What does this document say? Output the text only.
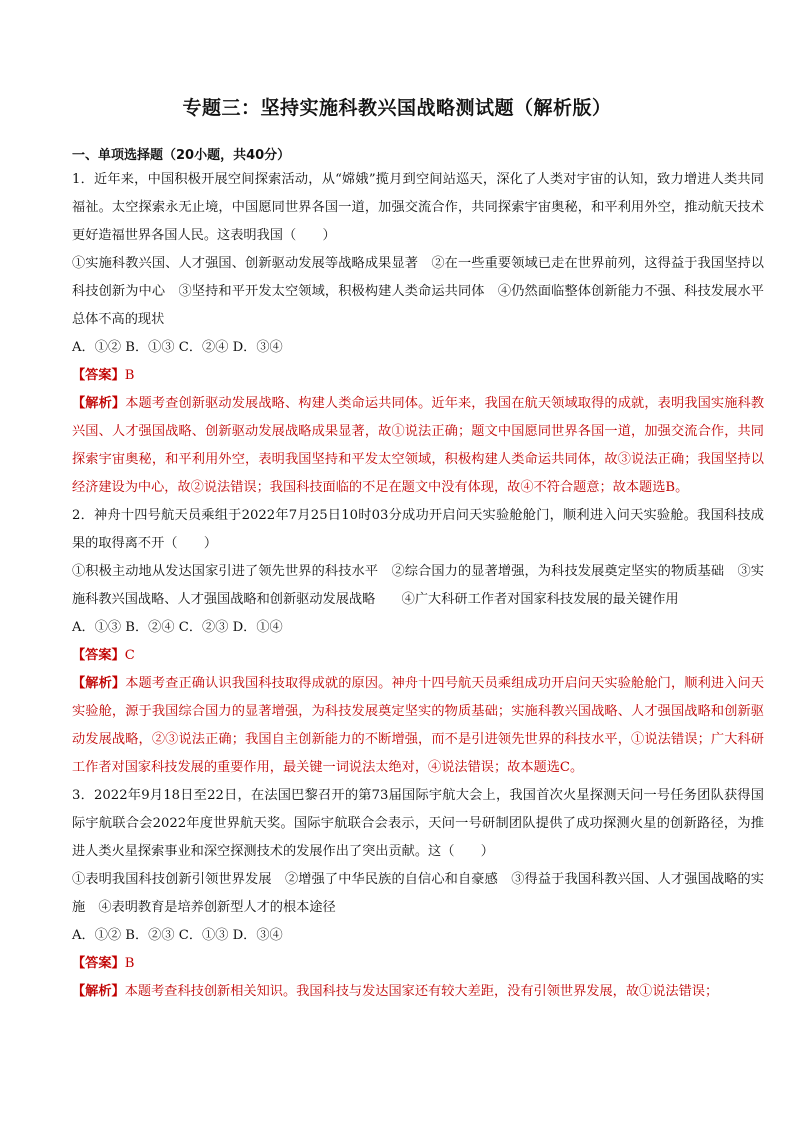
专题三：坚持实施科教兴国战略测试题（解析版）
一、单项选择题（20小题，共40分）

1．近年来，中国积极开展空间探索活动，从“嫦娥”揽月到空间站巡天，深化了人类对宇宙的认知，致力增进人类共同福祉。太空探索永无止境，中国愿同世界各国一道，加强交流合作，共同探索宇宙奥秘，和平利用外空，推动航天技术更好造福世界各国人民。这表明我国（　　）

①实施科教兴国、人才强国、创新驱动发展等战略成果显著　②在一些重要领域已走在世界前列，这得益于我国坚持以科技创新为中心　③坚持和平开发太空领域，积极构建人类命运共同体　④仍然面临整体创新能力不强、科技发展水平总体不高的现状

A．①② B．①③ C．②④ D．③④

【答案】B

【解析】本题考查创新驱动发展战略、构建人类命运共同体。近年来，我国在航天领域取得的成就，表明我国实施科教兴国、人才强国战略、创新驱动发展战略成果显著，故①说法正确；题文中国愿同世界各国一道，加强交流合作，共同探索宇宙奥秘，和平利用外空，表明我国坚持和平发太空领域，积极构建人类命运共同体，故③说法正确；我国坚持以经济建设为中心，故②说法错误；我国科技面临的不足在题文中没有体现，故④不符合题意；故本题选B。

2．神舟十四号航天员乘组于2022年7月25日10时03分成功开启问天实验舱舱门，顺利进入问天实验舱。我国科技成果的取得离不开（　　）

①积极主动地从发达国家引进了领先世界的科技水平　②综合国力的显著增强，为科技发展奠定坚实的物质基础　③实施科教兴国战略、人才强国战略和创新驱动发展战略　　④广大科研工作者对国家科技发展的最关键作用

A．①③ B．②④ C．②③ D．①④

【答案】C

【解析】本题考查正确认识我国科技取得成就的原因。神舟十四号航天员乘组成功开启问天实验舱舱门，顺利进入问天实验舱，源于我国综合国力的显著增强，为科技发展奠定坚实的物质基础；实施科教兴国战略、人才强国战略和创新驱动发展战略，②③说法正确；我国自主创新能力的不断增强，而不是引进领先世界的科技水平，①说法错误；广大科研工作者对国家科技发展的重要作用，最关键一词说法太绝对，④说法错误；故本题选C。

3．2022年9月18日至22日，在法国巴黎召开的第73届国际宇航大会上，我国首次火星探测天问一号任务团队获得国际宇航联合会2022年度世界航天奖。国际宇航联合会表示，天问一号研制团队提供了成功探测火星的创新路径，为推进人类火星探索事业和深空探测技术的发展作出了突出贡献。这（　　）

①表明我国科技创新引领世界发展　②增强了中华民族的自信心和自豪感　③得益于我国科教兴国、人才强国战略的实施　④表明教育是培养创新型人才的根本途径

A．①② B．②③ C．①③ D．③④

【答案】B

【解析】本题考查科技创新相关知识。我国科技与发达国家还有较大差距，没有引领世界发展，故①说法错误；
